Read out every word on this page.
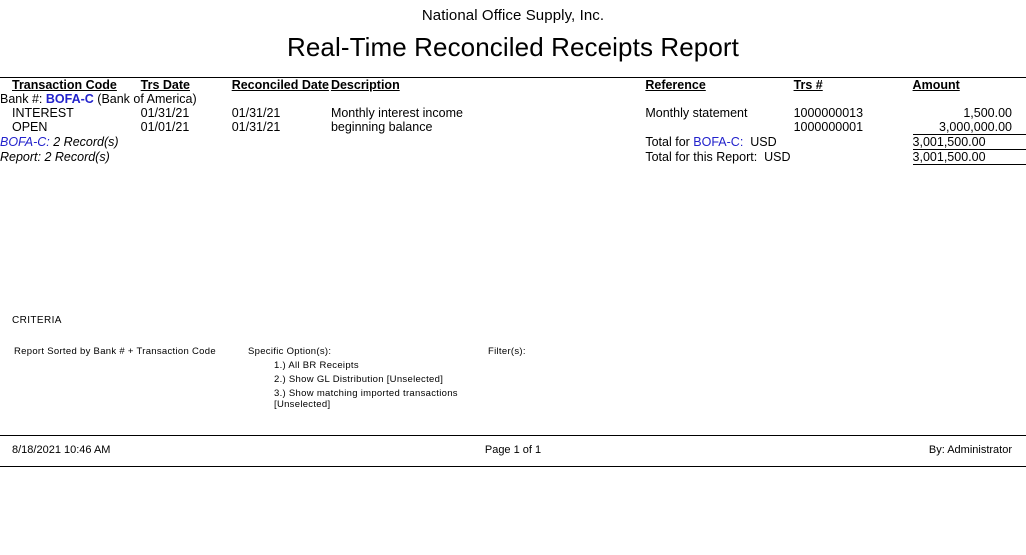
National Office Supply, Inc.
Real-Time Reconciled Receipts Report
Transaction Code	Trs Date	Reconciled Date	Description	Reference	Trs #	Amount
Bank #: BOFA-C (Bank of America)						
INTEREST	01/31/21	01/31/21	Monthly interest income	Monthly statement	1000000013	1,500.00
OPEN	01/01/21	01/31/21	beginning balance		1000000001	3,000,000.00
BOFA-C: 2 Record(s)				Total for BOFA-C: USD		3,001,500.00
Report: 2 Record(s)				Total for this Report: USD		3,001,500.00
CRITERIA
Report Sorted by Bank # + Transaction Code	Specific Option(s):
1.) All BR Receipts
2.) Show GL Distribution [Unselected]
3.) Show matching imported transactions [Unselected]
Filter(s):
8/18/2021 10:46 AM	Page 1 of 1	By: Administrator
